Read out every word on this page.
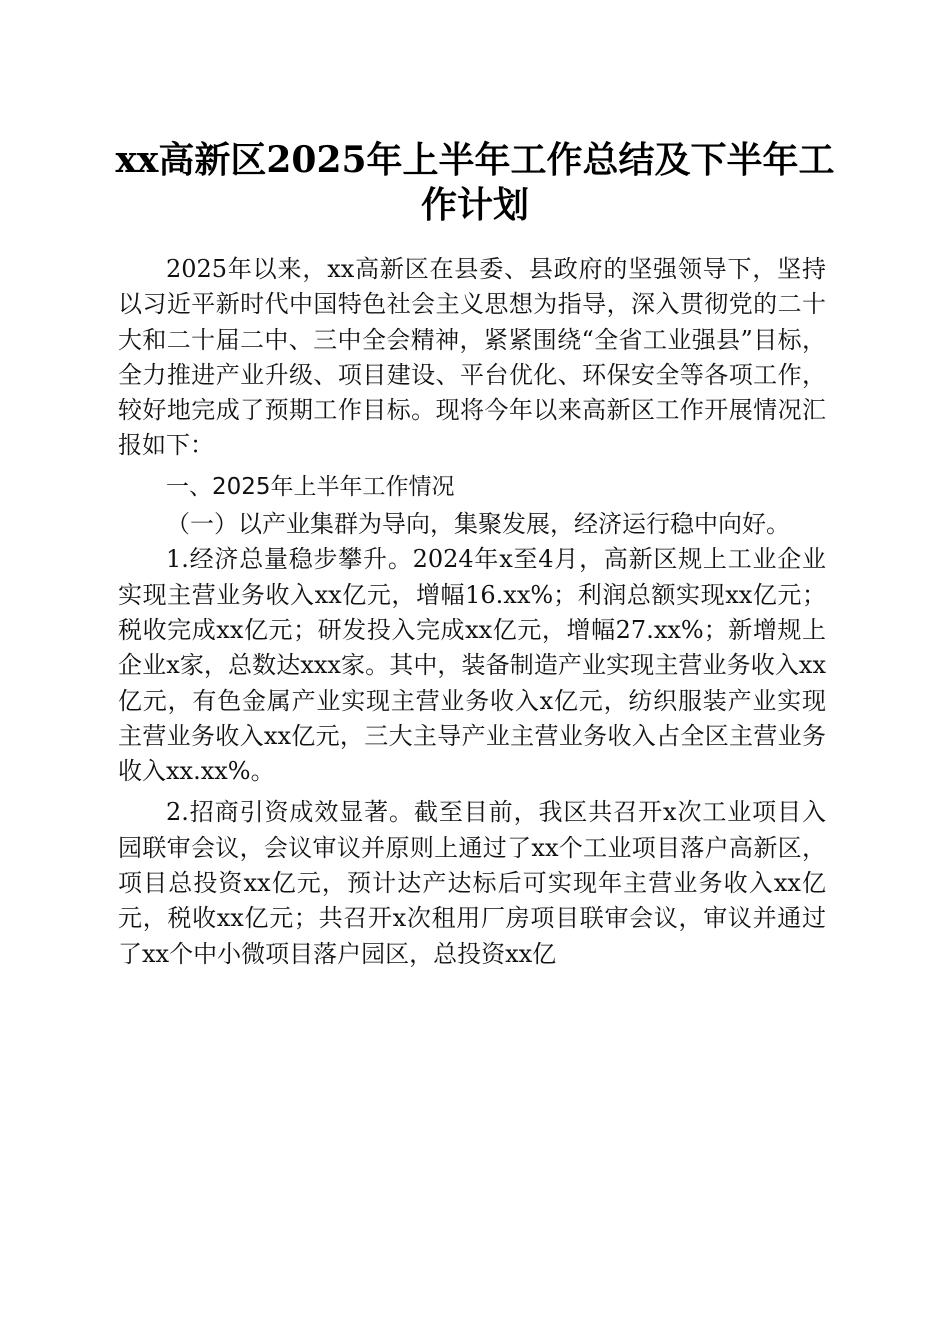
xx高新区2025年上半年工作总结及下半年工作计划

2025年以来，xx高新区在县委、县政府的坚强领导下，坚持以习近平新时代中国特色社会主义思想为指导，深入贯彻党的二十大和二十届二中、三中全会精神，紧紧围绕“全省工业强县”目标，全力推进产业升级、项目建设、平台优化、环保安全等各项工作，较好地完成了预期工作目标。现将今年以来高新区工作开展情况汇报如下：

一、2025年上半年工作情况

（一）以产业集群为导向，集聚发展，经济运行稳中向好。

1.经济总量稳步攀升。2024年x至4月，高新区规上工业企业实现主营业务收入xx亿元，增幅16.xx%；利润总额实现xx亿元；税收完成xx亿元；研发投入完成xx亿元，增幅27.xx%；新增规上企业x家，总数达xxx家。其中，装备制造产业实现主营业务收入xx亿元，有色金属产业实现主营业务收入x亿元，纺织服装产业实现主营业务收入xx亿元，三大主导产业主营业务收入占全区主营业务收入xx.xx%。

2.招商引资成效显著。截至目前，我区共召开x次工业项目入园联审会议，会议审议并原则上通过了xx个工业项目落户高新区，项目总投资xx亿元，预计达产达标后可实现年主营业务收入xx亿元，税收xx亿元；共召开x次租用厂房项目联审会议，审议并通过了xx个中小微项目落户园区，总投资xx亿
